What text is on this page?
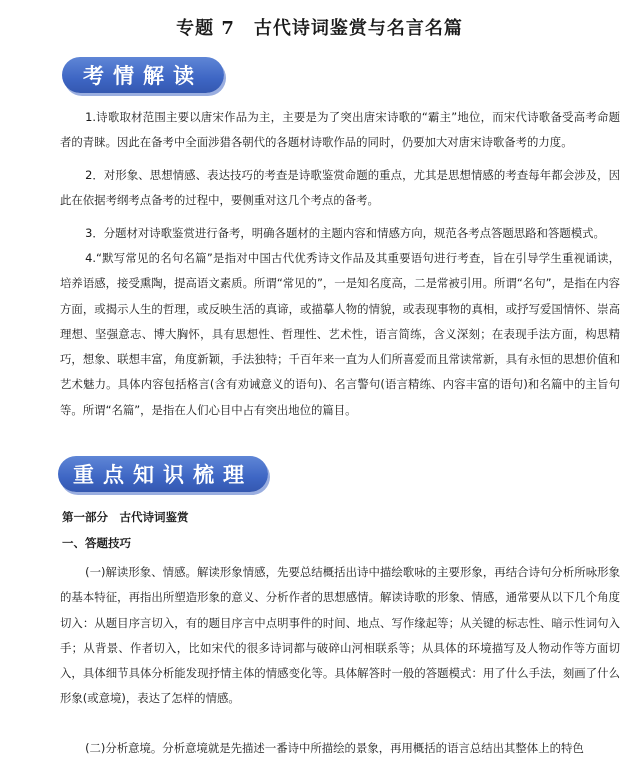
专题 7　古代诗词鉴赏与名言名篇
考情解读
1.诗歌取材范围主要以唐宋作品为主，主要是为了突出唐宋诗歌的“霸主”地位，而宋代诗歌备受高考命题者的青睐。因此在备考中全面涉猎各朝代的各题材诗歌作品的同时，仍要加大对唐宋诗歌备考的力度。
2．对形象、思想情感、表达技巧的考查是诗歌鉴赏命题的重点，尤其是思想情感的考查每年都会涉及，因此在依据考纲考点备考的过程中，要侧重对这几个考点的备考。
3．分题材对诗歌鉴赏进行备考，明确各题材的主题内容和情感方向，规范各考点答题思路和答题模式。
4.“默写常见的名句名篇”是指对中国古代优秀诗文作品及其重要语句进行考查，旨在引导学生重视诵读，培养语感，接受熏陶，提高语文素质。所谓“常见的”，一是知名度高，二是常被引用。所谓“名句”，是指在内容方面，或揭示人生的哲理，或反映生活的真谛，或描摹人物的情貌，或表现事物的真相，或抒写爱国情怀、崇高理想、坚强意志、博大胸怀，具有思想性、哲理性、艺术性，语言简练，含义深刻；在表现手法方面，构思精巧，想象、联想丰富，角度新颖，手法独特；千百年来一直为人们所喜爱而且常读常新，具有永恒的思想价值和艺术魅力。具体内容包括格言(含有劝诫意义的语句)、名言警句(语言精练、内容丰富的语句)和名篇中的主旨句等。所谓“名篇”，是指在人们心目中占有突出地位的篇目。
重点知识梳理
第一部分　古代诗词鉴赏
一、答题技巧
(一)解读形象、情感。解读形象情感，先要总结概括出诗中描绘歌咏的主要形象，再结合诗句分析所咏形象的基本特征，再指出所塑造形象的意义、分析作者的思想感情。解读诗歌的形象、情感，通常要从以下几个角度切入：从题目序言切入，有的题目序言中点明事件的时间、地点、写作缘起等；从关键的标志性、暗示性词句入手；从背景、作者切入，比如宋代的很多诗词都与破碎山河相联系等；从具体的环境描写及人物动作等方面切入，具体细节具体分析能发现抒情主体的情感变化等。具体解答时一般的答题模式：用了什么手法，刻画了什么形象(或意境)，表达了怎样的情感。
(二)分析意境。分析意境就是先描述一番诗中所描绘的景象，再用概括的语言总结出其整体上的特色
